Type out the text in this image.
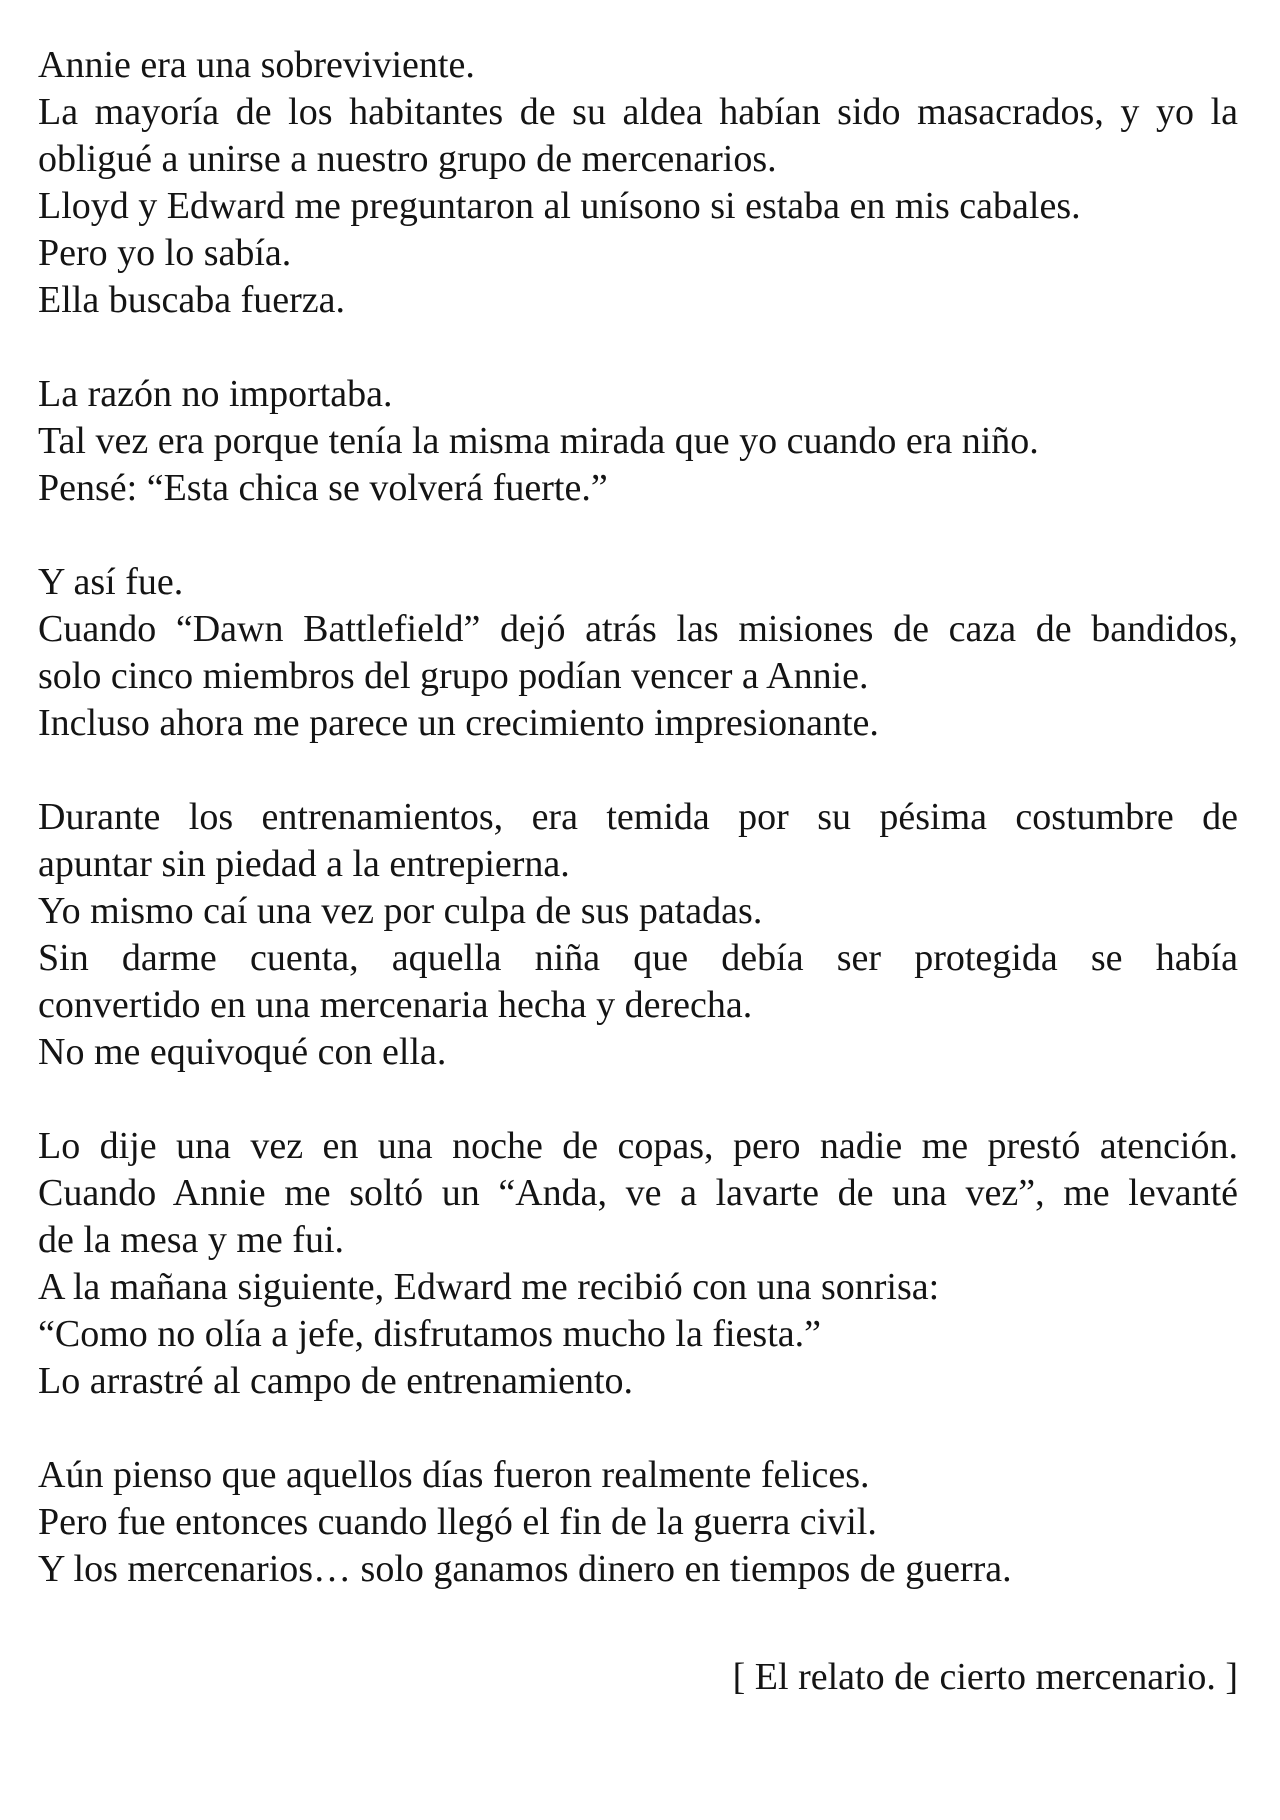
Annie era una sobreviviente.
La mayoría de los habitantes de su aldea habían sido masacrados, y yo la
obligué a unirse a nuestro grupo de mercenarios.
Lloyd y Edward me preguntaron al unísono si estaba en mis cabales.
Pero yo lo sabía.
Ella buscaba fuerza.
La razón no importaba.
Tal vez era porque tenía la misma mirada que yo cuando era niño.
Pensé: “Esta chica se volverá fuerte.”
Y así fue.
Cuando “Dawn Battlefield” dejó atrás las misiones de caza de bandidos,
solo cinco miembros del grupo podían vencer a Annie.
Incluso ahora me parece un crecimiento impresionante.
Durante los entrenamientos, era temida por su pésima costumbre de
apuntar sin piedad a la entrepierna.
Yo mismo caí una vez por culpa de sus patadas.
Sin darme cuenta, aquella niña que debía ser protegida se había
convertido en una mercenaria hecha y derecha.
No me equivoqué con ella.
Lo dije una vez en una noche de copas, pero nadie me prestó atención.
Cuando Annie me soltó un “Anda, ve a lavarte de una vez”, me levanté
de la mesa y me fui.
A la mañana siguiente, Edward me recibió con una sonrisa:
“Como no olía a jefe, disfrutamos mucho la fiesta.”
Lo arrastré al campo de entrenamiento.
Aún pienso que aquellos días fueron realmente felices.
Pero fue entonces cuando llegó el fin de la guerra civil.
Y los mercenarios… solo ganamos dinero en tiempos de guerra.
[ El relato de cierto mercenario. ]
